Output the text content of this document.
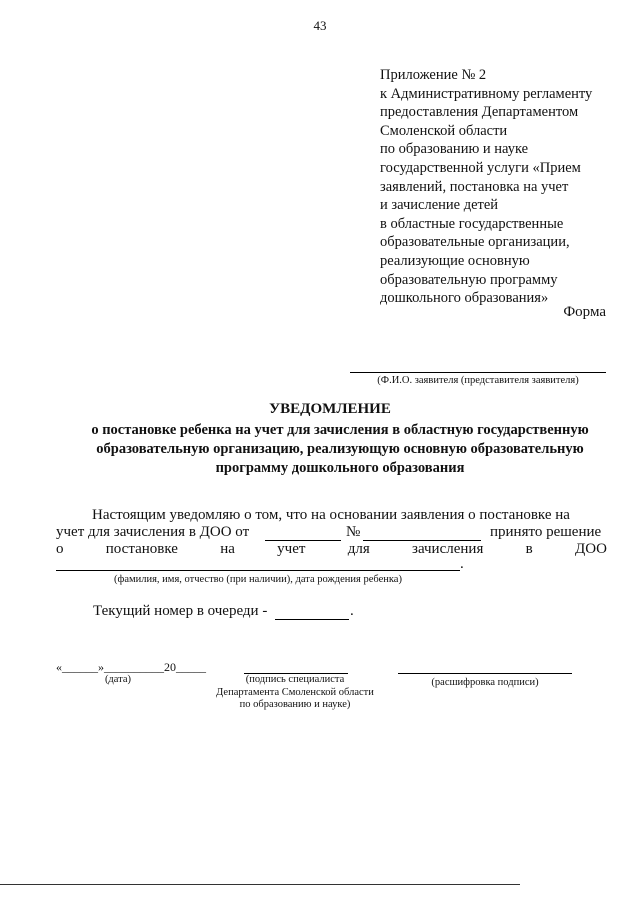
43
Приложение № 2
к Административному регламенту
предоставления Департаментом
Смоленской области
по образованию и науке
государственной услуги «Прием
заявлений, постановка на учет
и зачисление детей
в областные государственные
образовательные организации,
реализующие основную
образовательную программу
дошкольного образования»
Форма
(Ф.И.О. заявителя (представителя заявителя)
УВЕДОМЛЕНИЕ
о постановке ребенка на учет для зачисления в областную государственную
образовательную организацию, реализующую основную образовательную
программу дошкольного образования
Настоящим уведомляю о том, что на основании заявления о постановке на
учет для зачисления в ДОО от	№	принято решение
о	постановке	на	учет	для	зачисления	в	ДОО
.
(фамилия, имя, отчество (при наличии), дата рождения ребенка)
Текущий номер в очереди -	.
«______»__________20_____
(дата)	(подпись специалиста
Департамента Смоленской области
по образованию и науке)
(расшифровка подписи)
